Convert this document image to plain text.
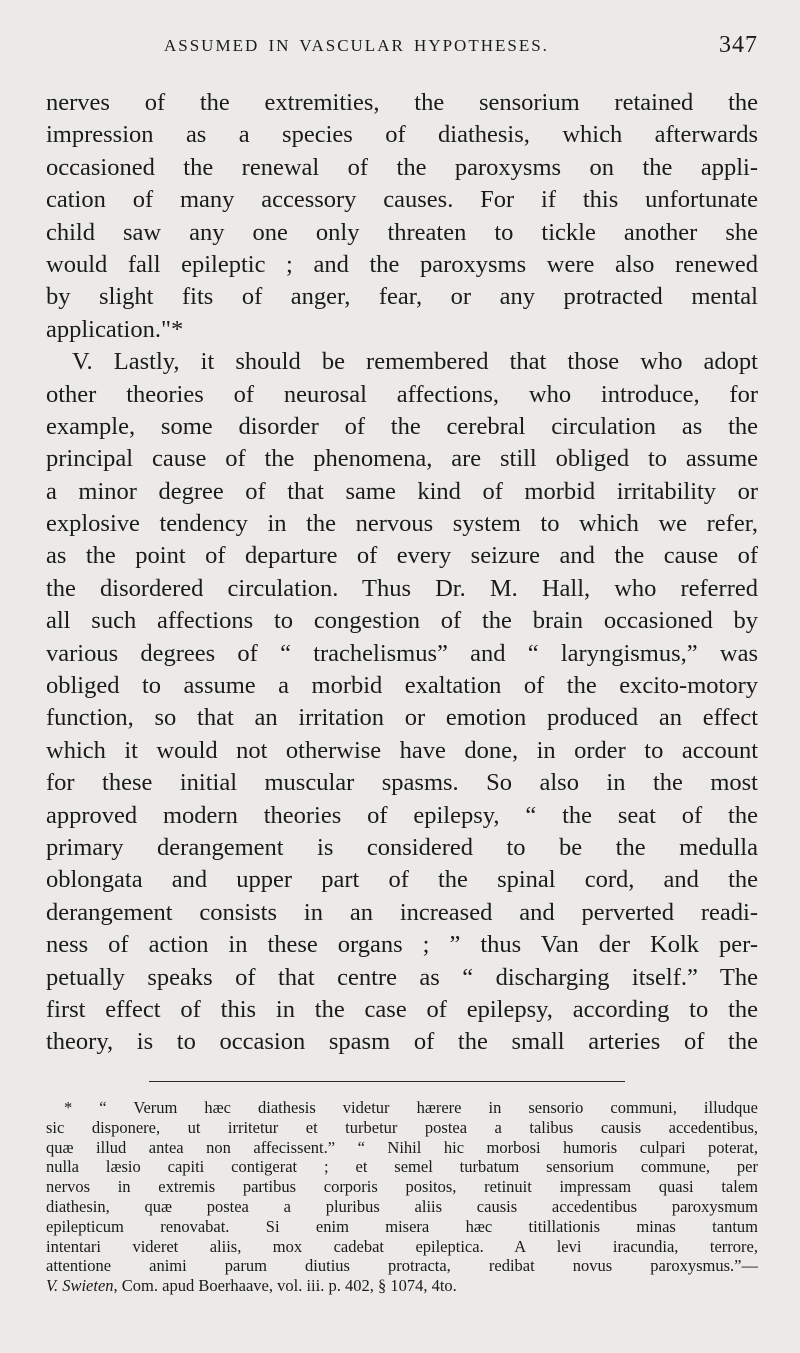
ASSUMED IN VASCULAR HYPOTHESES.	347
nerves of the extremities, the sensorium retained the
impression as a species of diathesis, which afterwards
occasioned the renewal of the paroxysms on the appli-
cation of many accessory causes. For if this unfortunate
child saw any one only threaten to tickle another she
would fall epileptic ; and the paroxysms were also renewed
by slight fits of anger, fear, or any protracted mental
application."*
V. Lastly, it should be remembered that those who adopt
other theories of neurosal affections, who introduce, for
example, some disorder of the cerebral circulation as the
principal cause of the phenomena, are still obliged to assume
a minor degree of that same kind of morbid irritability or
explosive tendency in the nervous system to which we refer,
as the point of departure of every seizure and the cause of
the disordered circulation. Thus Dr. M. Hall, who referred
all such affections to congestion of the brain occasioned by
various degrees of “ trachelismus” and “ laryngismus,” was
obliged to assume a morbid exaltation of the excito-motory
function, so that an irritation or emotion produced an effect
which it would not otherwise have done, in order to account
for these initial muscular spasms. So also in the most
approved modern theories of epilepsy, “ the seat of the
primary derangement is considered to be the medulla
oblongata and upper part of the spinal cord, and the
derangement consists in an increased and perverted readi-
ness of action in these organs ; ” thus Van der Kolk per-
petually speaks of that centre as “ discharging itself.” The
first effect of this in the case of epilepsy, according to the
theory, is to occasion spasm of the small arteries of the
* “ Verum hæc diathesis videtur hærere in sensorio communi, illudque
sic disponere, ut irritetur et turbetur postea a talibus causis accedentibus,
quæ illud antea non affecissent.” “ Nihil hic morbosi humoris culpari poterat,
nulla læsio capiti contigerat ; et semel turbatum sensorium commune, per
nervos in extremis partibus corporis positos, retinuit impressam quasi talem
diathesin, quæ postea a pluribus aliis causis accedentibus paroxysmum
epilepticum renovabat. Si enim misera hæc titillationis minas tantum
intentari videret aliis, mox cadebat epileptica. A levi iracundia, terrore,
attentione animi parum diutius protracta, redibat novus paroxysmus.”—
V. Swieten, Com. apud Boerhaave, vol. iii. p. 402, § 1074, 4to.
